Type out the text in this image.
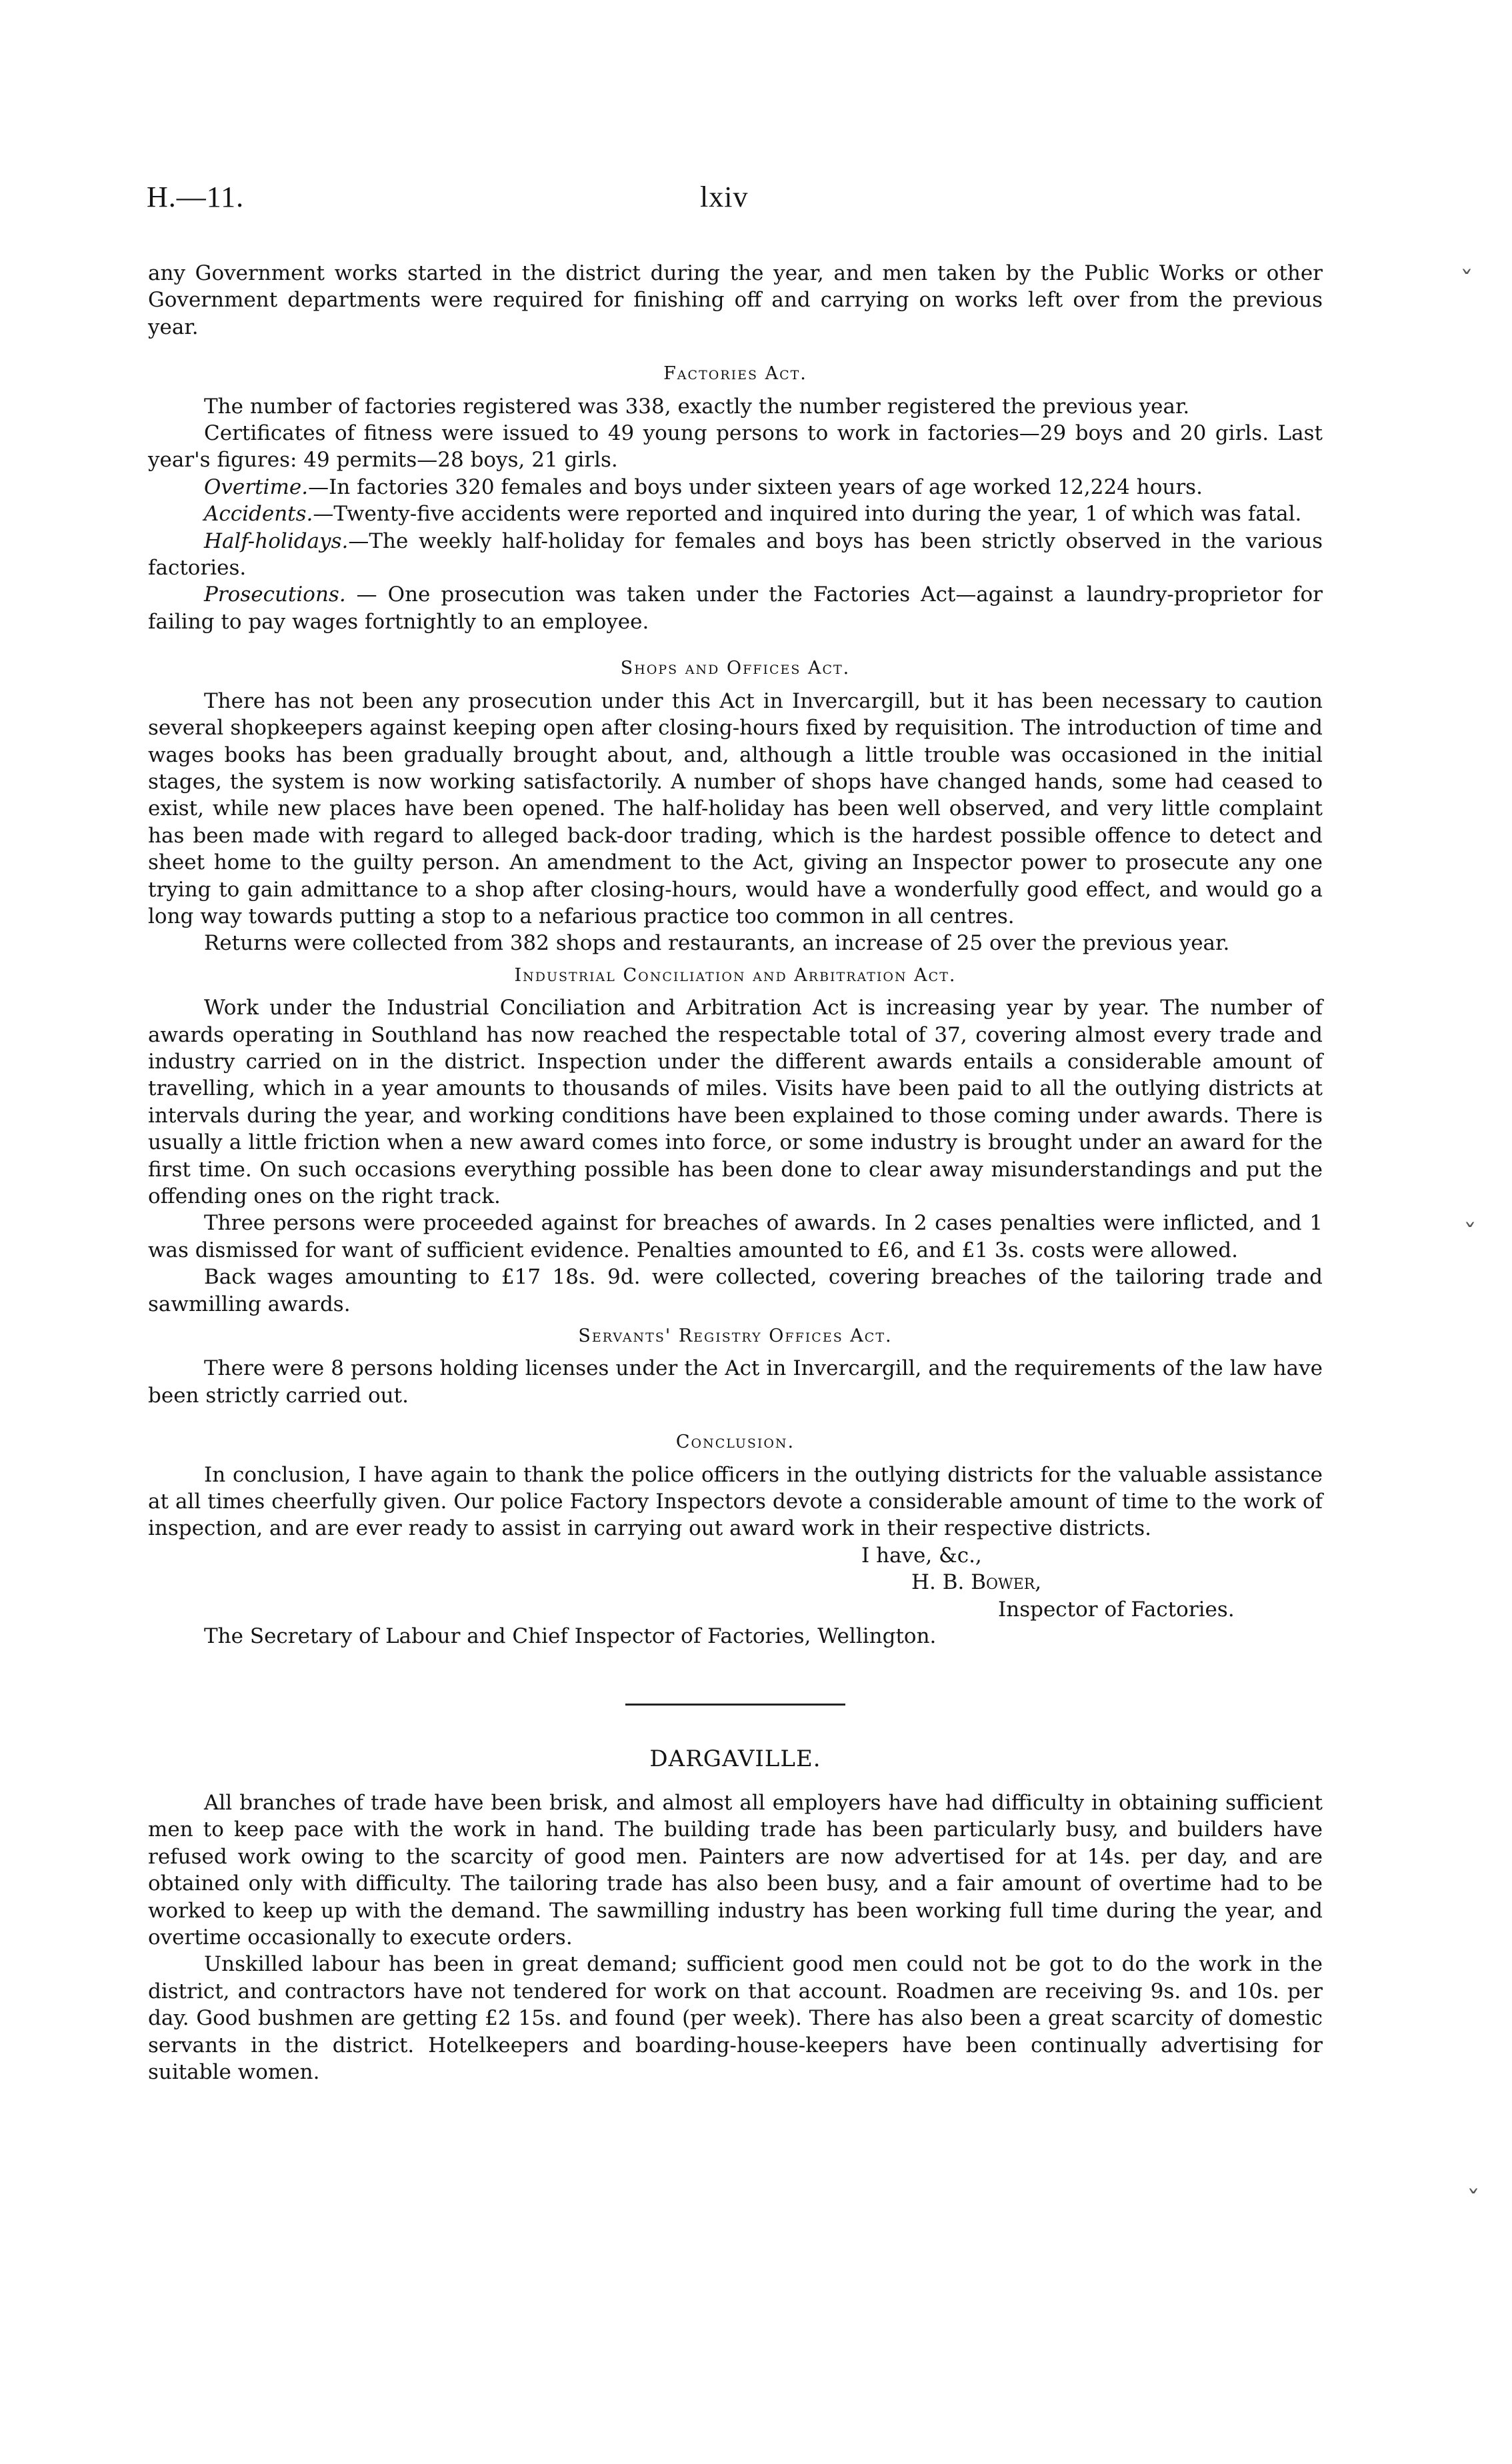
H.—11.	lxiv

any Government works started in the district during the year, and men taken by the Public Works or other Government departments were required for finishing off and carrying on works left over from the previous year.

Factories Act.

The number of factories registered was 338, exactly the number registered the previous year.

Certificates of fitness were issued to 49 young persons to work in factories—29 boys and 20 girls. Last year's figures: 49 permits—28 boys, 21 girls.

Overtime.—In factories 320 females and boys under sixteen years of age worked 12,224 hours.

Accidents.—Twenty-five accidents were reported and inquired into during the year, 1 of which was fatal.

Half-holidays.—The weekly half-holiday for females and boys has been strictly observed in the various factories.

Prosecutions. — One prosecution was taken under the Factories Act—against a laundry-proprietor for failing to pay wages fortnightly to an employee.

Shops and Offices Act.

There has not been any prosecution under this Act in Invercargill, but it has been necessary to caution several shopkeepers against keeping open after closing-hours fixed by requisition. The introduction of time and wages books has been gradually brought about, and, although a little trouble was occasioned in the initial stages, the system is now working satisfactorily. A number of shops have changed hands, some had ceased to exist, while new places have been opened. The half-holiday has been well observed, and very little complaint has been made with regard to alleged back-door trading, which is the hardest possible offence to detect and sheet home to the guilty person. An amendment to the Act, giving an Inspector power to prosecute any one trying to gain admittance to a shop after closing-hours, would have a wonderfully good effect, and would go a long way towards putting a stop to a nefarious practice too common in all centres.

Returns were collected from 382 shops and restaurants, an increase of 25 over the previous year.

Industrial Conciliation and Arbitration Act.

Work under the Industrial Conciliation and Arbitration Act is increasing year by year. The number of awards operating in Southland has now reached the respectable total of 37, covering almost every trade and industry carried on in the district. Inspection under the different awards entails a considerable amount of travelling, which in a year amounts to thousands of miles. Visits have been paid to all the outlying districts at intervals during the year, and working conditions have been explained to those coming under awards. There is usually a little friction when a new award comes into force, or some industry is brought under an award for the first time. On such occasions everything possible has been done to clear away misunderstandings and put the offending ones on the right track.

Three persons were proceeded against for breaches of awards. In 2 cases penalties were inflicted, and 1 was dismissed for want of sufficient evidence. Penalties amounted to £6, and £1 3s. costs were allowed.

Back wages amounting to £17 18s. 9d. were collected, covering breaches of the tailoring trade and sawmilling awards.

Servants' Registry Offices Act.

There were 8 persons holding licenses under the Act in Invercargill, and the requirements of the law have been strictly carried out.

Conclusion.

In conclusion, I have again to thank the police officers in the outlying districts for the valuable assistance at all times cheerfully given. Our police Factory Inspectors devote a considerable amount of time to the work of inspection, and are ever ready to assist in carrying out award work in their respective districts.

I have, &c.,
H. B. Bower,
Inspector of Factories.

The Secretary of Labour and Chief Inspector of Factories, Wellington.

DARGAVILLE.

All branches of trade have been brisk, and almost all employers have had difficulty in obtaining sufficient men to keep pace with the work in hand. The building trade has been particularly busy, and builders have refused work owing to the scarcity of good men. Painters are now advertised for at 14s. per day, and are obtained only with difficulty. The tailoring trade has also been busy, and a fair amount of overtime had to be worked to keep up with the demand. The sawmilling industry has been working full time during the year, and overtime occasionally to execute orders.

Unskilled labour has been in great demand; sufficient good men could not be got to do the work in the district, and contractors have not tendered for work on that account. Roadmen are receiving 9s. and 10s. per day. Good bushmen are getting £2 15s. and found (per week). There has also been a great scarcity of domestic servants in the district. Hotelkeepers and boarding-house-keepers have been continually advertising for suitable women.

ˇ
ˇ
ˇ
